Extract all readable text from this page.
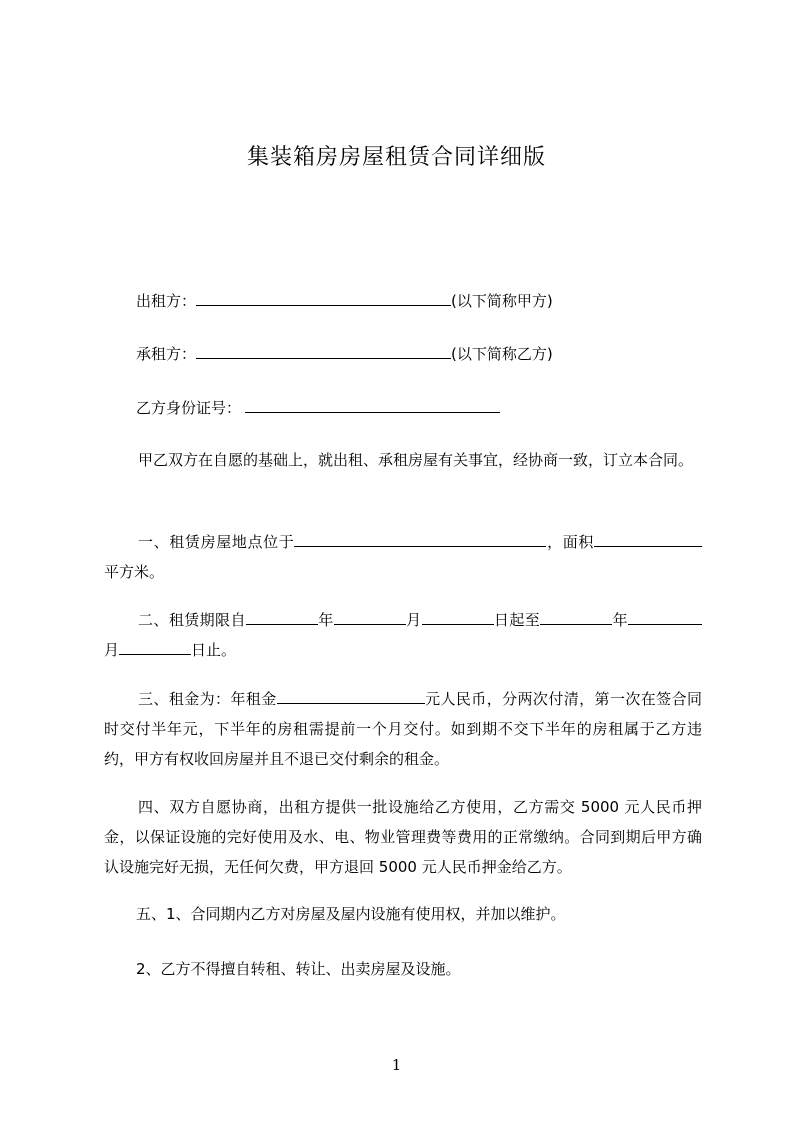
集装箱房房屋租赁合同详细版
出租方：	(以下简称甲方)
承租方：	(以下简称乙方)
乙方身份证号：
甲乙双方在自愿的基础上，就出租、承租房屋有关事宜，经协商一致，订立本合同。
一、租赁房屋地点位于	，面积平方米。
二、租赁期限自	年	月	日起至	年月	日止。
三、租金为：年租金	元人民币，分两次付清，第一次在签合同时交付半年元，下半年的房租需提前一个月交付。如到期不交下半年的房租属于乙方违约，甲方有权收回房屋并且不退已交付剩余的租金。
四、双方自愿协商，出租方提供一批设施给乙方使用，乙方需交 5000 元人民币押金，以保证设施的完好使用及水、电、物业管理费等费用的正常缴纳。合同到期后甲方确认设施完好无损，无任何欠费，甲方退回 5000 元人民币押金给乙方。
五、1、合同期内乙方对房屋及屋内设施有使用权，并加以维护。
2、乙方不得擅自转租、转让、出卖房屋及设施。
1
